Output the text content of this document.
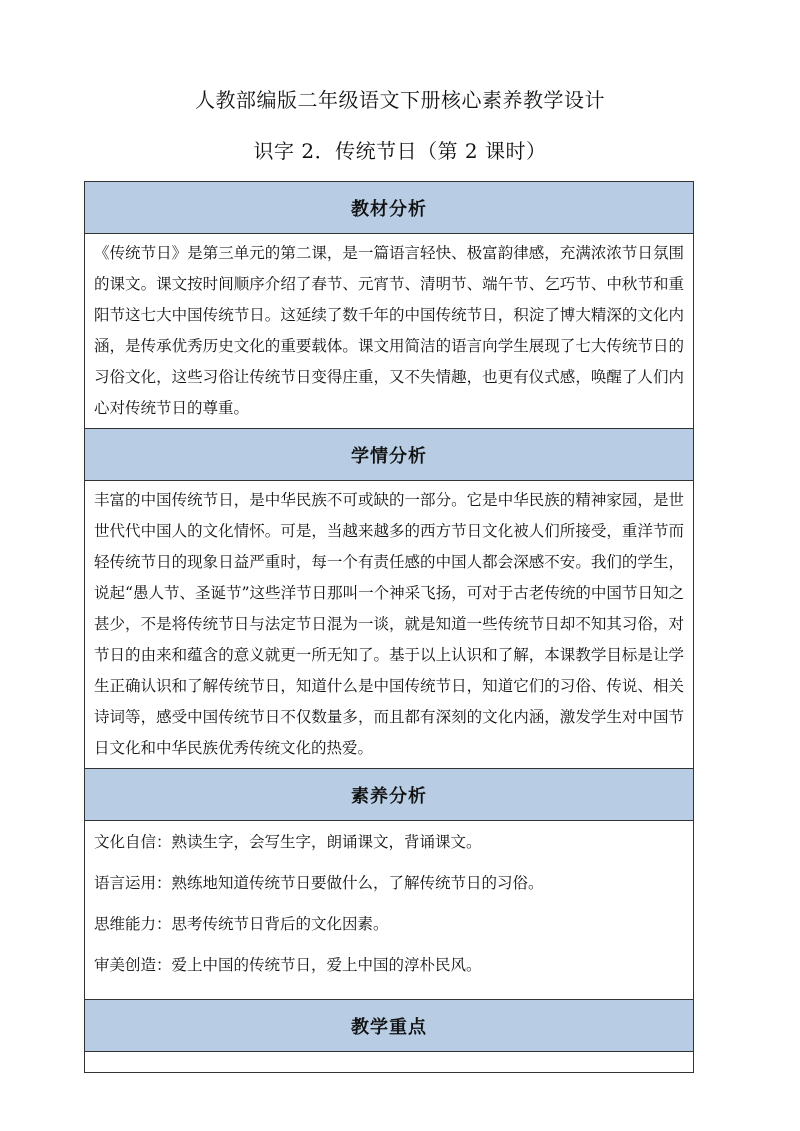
人教部编版二年级语文下册核心素养教学设计
识字 2．传统节日（第 2 课时）
教材分析
《传统节日》是第三单元的第二课，是一篇语言轻快、极富韵律感，充满浓浓节日氛围的课文。课文按时间顺序介绍了春节、元宵节、清明节、端午节、乞巧节、中秋节和重阳节这七大中国传统节日。这延续了数千年的中国传统节日，积淀了博大精深的文化内涵，是传承优秀历史文化的重要载体。课文用简洁的语言向学生展现了七大传统节日的习俗文化，这些习俗让传统节日变得庄重，又不失情趣，也更有仪式感，唤醒了人们内心对传统节日的尊重。
学情分析
丰富的中国传统节日，是中华民族不可或缺的一部分。它是中华民族的精神家园，是世世代代中国人的文化情怀。可是，当越来越多的西方节日文化被人们所接受，重洋节而轻传统节日的现象日益严重时，每一个有责任感的中国人都会深感不安。我们的学生，说起“愚人节、圣诞节”这些洋节日那叫一个神采飞扬，可对于古老传统的中国节日知之甚少，不是将传统节日与法定节日混为一谈，就是知道一些传统节日却不知其习俗，对节日的由来和蕴含的意义就更一所无知了。基于以上认识和了解，本课教学目标是让学生正确认识和了解传统节日，知道什么是中国传统节日，知道它们的习俗、传说、相关诗词等，感受中国传统节日不仅数量多，而且都有深刻的文化内涵，激发学生对中国节日文化和中华民族优秀传统文化的热爱。
素养分析

文化自信：熟读生字，会写生字，朗诵课文，背诵课文。

语言运用：熟练地知道传统节日要做什么，了解传统节日的习俗。

思维能力：思考传统节日背后的文化因素。

审美创造：爱上中国的传统节日，爱上中国的淳朴民风。

教学重点
